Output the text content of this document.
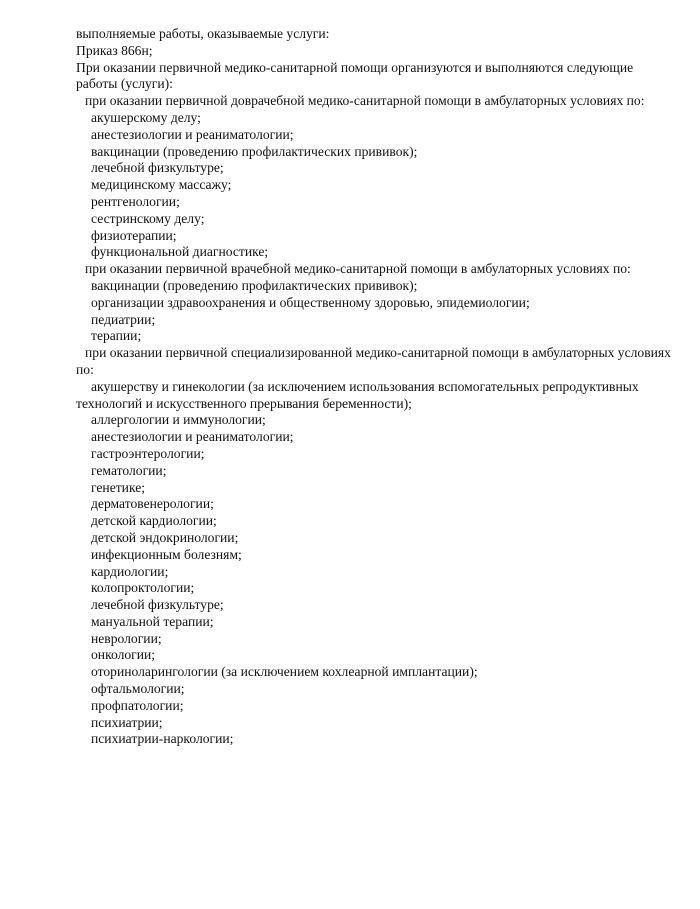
выполняемые работы, оказываемые услуги:

Приказ 866н;

При оказании первичной медико-санитарной помощи организуются и выполняются следующие работы (услуги):

при оказании первичной доврачебной медико-санитарной помощи в амбулаторных условиях по:

акушерскому делу;

анестезиологии и реаниматологии;

вакцинации (проведению профилактических прививок);

лечебной физкультуре;

медицинскому массажу;

рентгенологии;

сестринскому делу;

физиотерапии;

функциональной диагностике;

при оказании первичной врачебной медико-санитарной помощи в амбулаторных условиях по:

вакцинации (проведению профилактических прививок);

организации здравоохранения и общественному здоровью, эпидемиологии;

педиатрии;

терапии;

при оказании первичной специализированной медико-санитарной помощи в амбулаторных условиях по:

акушерству и гинекологии (за исключением использования вспомогательных репродуктивных технологий и искусственного прерывания беременности);

аллергологии и иммунологии;

анестезиологии и реаниматологии;

гастроэнтерологии;

гематологии;

генетике;

дерматовенерологии;

детской кардиологии;

детской эндокринологии;

инфекционным болезням;

кардиологии;

колопроктологии;

лечебной физкультуре;

мануальной терапии;

неврологии;

онкологии;

оториноларингологии (за исключением кохлеарной имплантации);

офтальмологии;

профпатологии;

психиатрии;

психиатрии-наркологии;
